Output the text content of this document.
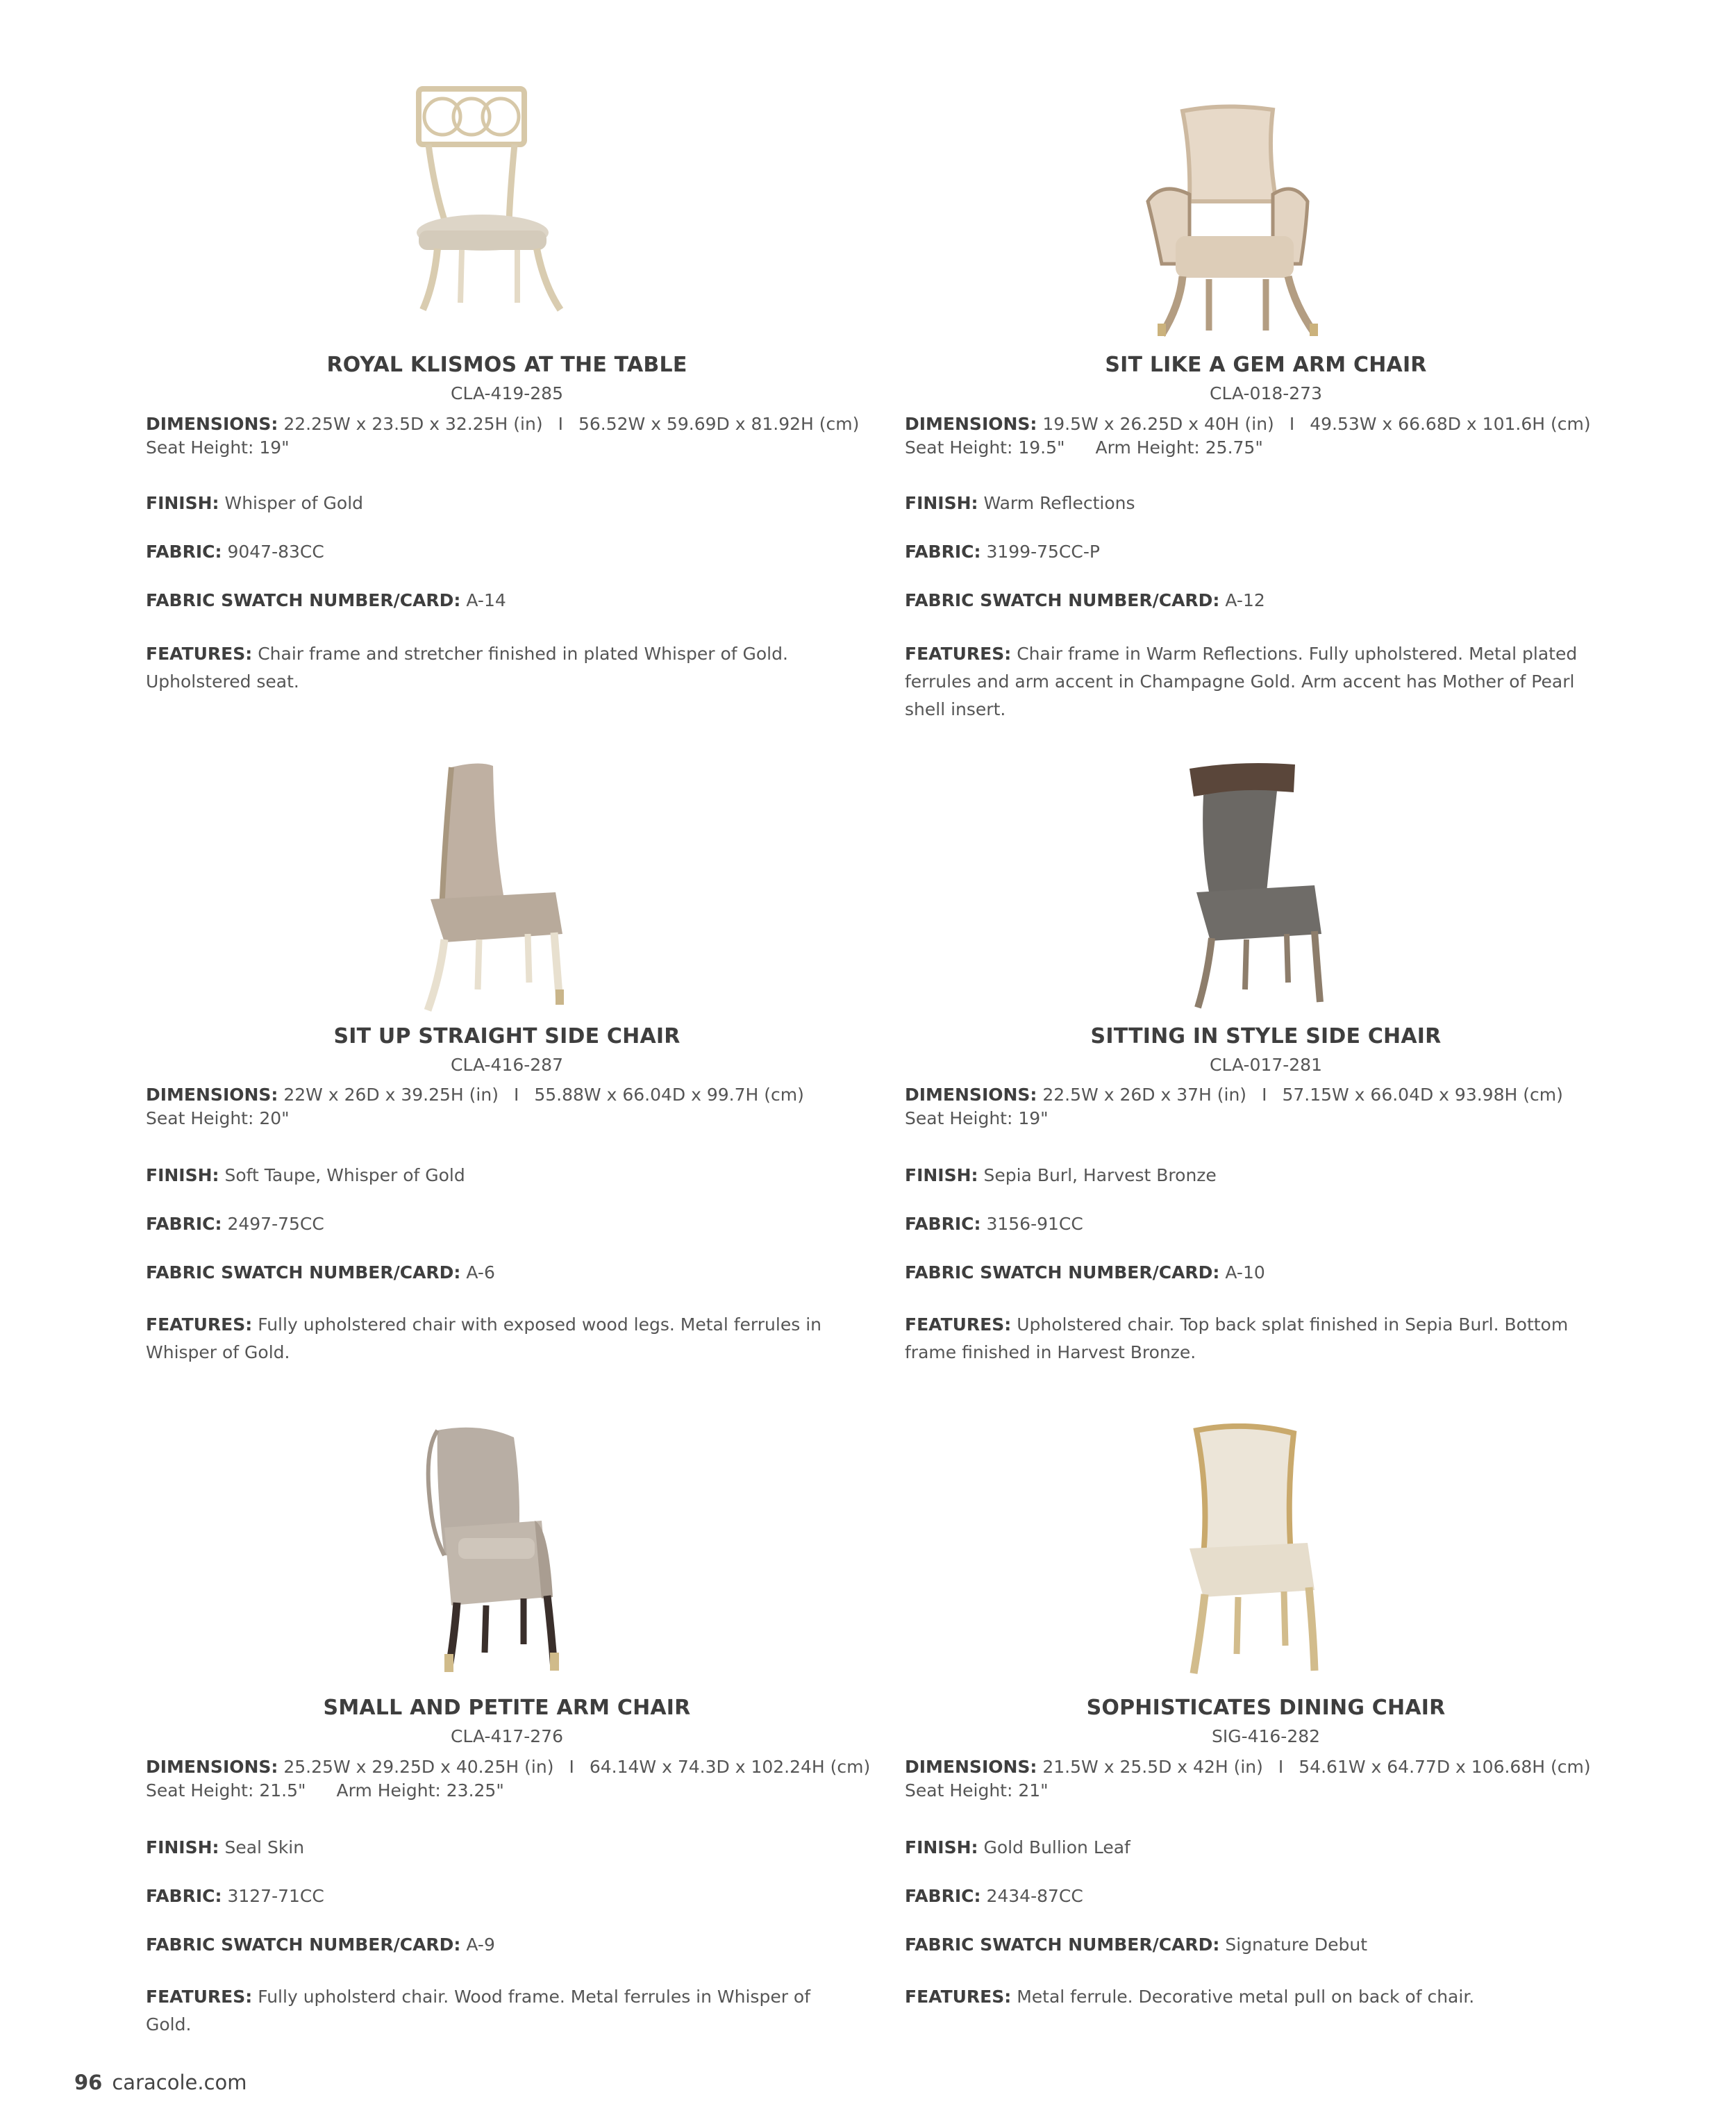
ROYAL KLISMOS AT THE TABLE
CLA-419-285
DIMENSIONS: 22.25W x 23.5D x 32.25H (in) I 56.52W x 59.69D x 81.92H (cm)
Seat Height: 19"
FINISH: Whisper of Gold
FABRIC: 9047-83CC
FABRIC SWATCH NUMBER/CARD: A-14
FEATURES: Chair frame and stretcher finished in plated Whisper of Gold. Upholstered seat.
SIT LIKE A GEM ARM CHAIR
CLA-018-273
DIMENSIONS: 19.5W x 26.25D x 40H (in) I 49.53W x 66.68D x 101.6H (cm)
Seat Height: 19.5" Arm Height: 25.75"
FINISH: Warm Reflections
FABRIC: 3199-75CC-P
FABRIC SWATCH NUMBER/CARD: A-12
FEATURES: Chair frame in Warm Reflections. Fully upholstered. Metal plated ferrules and arm accent in Champagne Gold. Arm accent has Mother of Pearl shell insert.
SIT UP STRAIGHT SIDE CHAIR
CLA-416-287
DIMENSIONS: 22W x 26D x 39.25H (in) I 55.88W x 66.04D x 99.7H (cm)
Seat Height: 20"
FINISH: Soft Taupe, Whisper of Gold
FABRIC: 2497-75CC
FABRIC SWATCH NUMBER/CARD: A-6
FEATURES: Fully upholstered chair with exposed wood legs. Metal ferrules in Whisper of Gold.
SITTING IN STYLE SIDE CHAIR
CLA-017-281
DIMENSIONS: 22.5W x 26D x 37H (in) I 57.15W x 66.04D x 93.98H (cm)
Seat Height: 19"
FINISH: Sepia Burl, Harvest Bronze
FABRIC: 3156-91CC
FABRIC SWATCH NUMBER/CARD: A-10
FEATURES: Upholstered chair. Top back splat finished in Sepia Burl. Bottom frame finished in Harvest Bronze.
SMALL AND PETITE ARM CHAIR
CLA-417-276
DIMENSIONS: 25.25W x 29.25D x 40.25H (in) I 64.14W x 74.3D x 102.24H (cm)
Seat Height: 21.5" Arm Height: 23.25"
FINISH: Seal Skin
FABRIC: 3127-71CC
FABRIC SWATCH NUMBER/CARD: A-9
FEATURES: Fully upholsterd chair. Wood frame. Metal ferrules in Whisper of Gold.
SOPHISTICATES DINING CHAIR
SIG-416-282
DIMENSIONS: 21.5W x 25.5D x 42H (in) I 54.61W x 64.77D x 106.68H (cm)
Seat Height: 21"
FINISH: Gold Bullion Leaf
FABRIC: 2434-87CC
FABRIC SWATCH NUMBER/CARD: Signature Debut
FEATURES: Metal ferrule. Decorative metal pull on back of chair.
96 caracole.com
